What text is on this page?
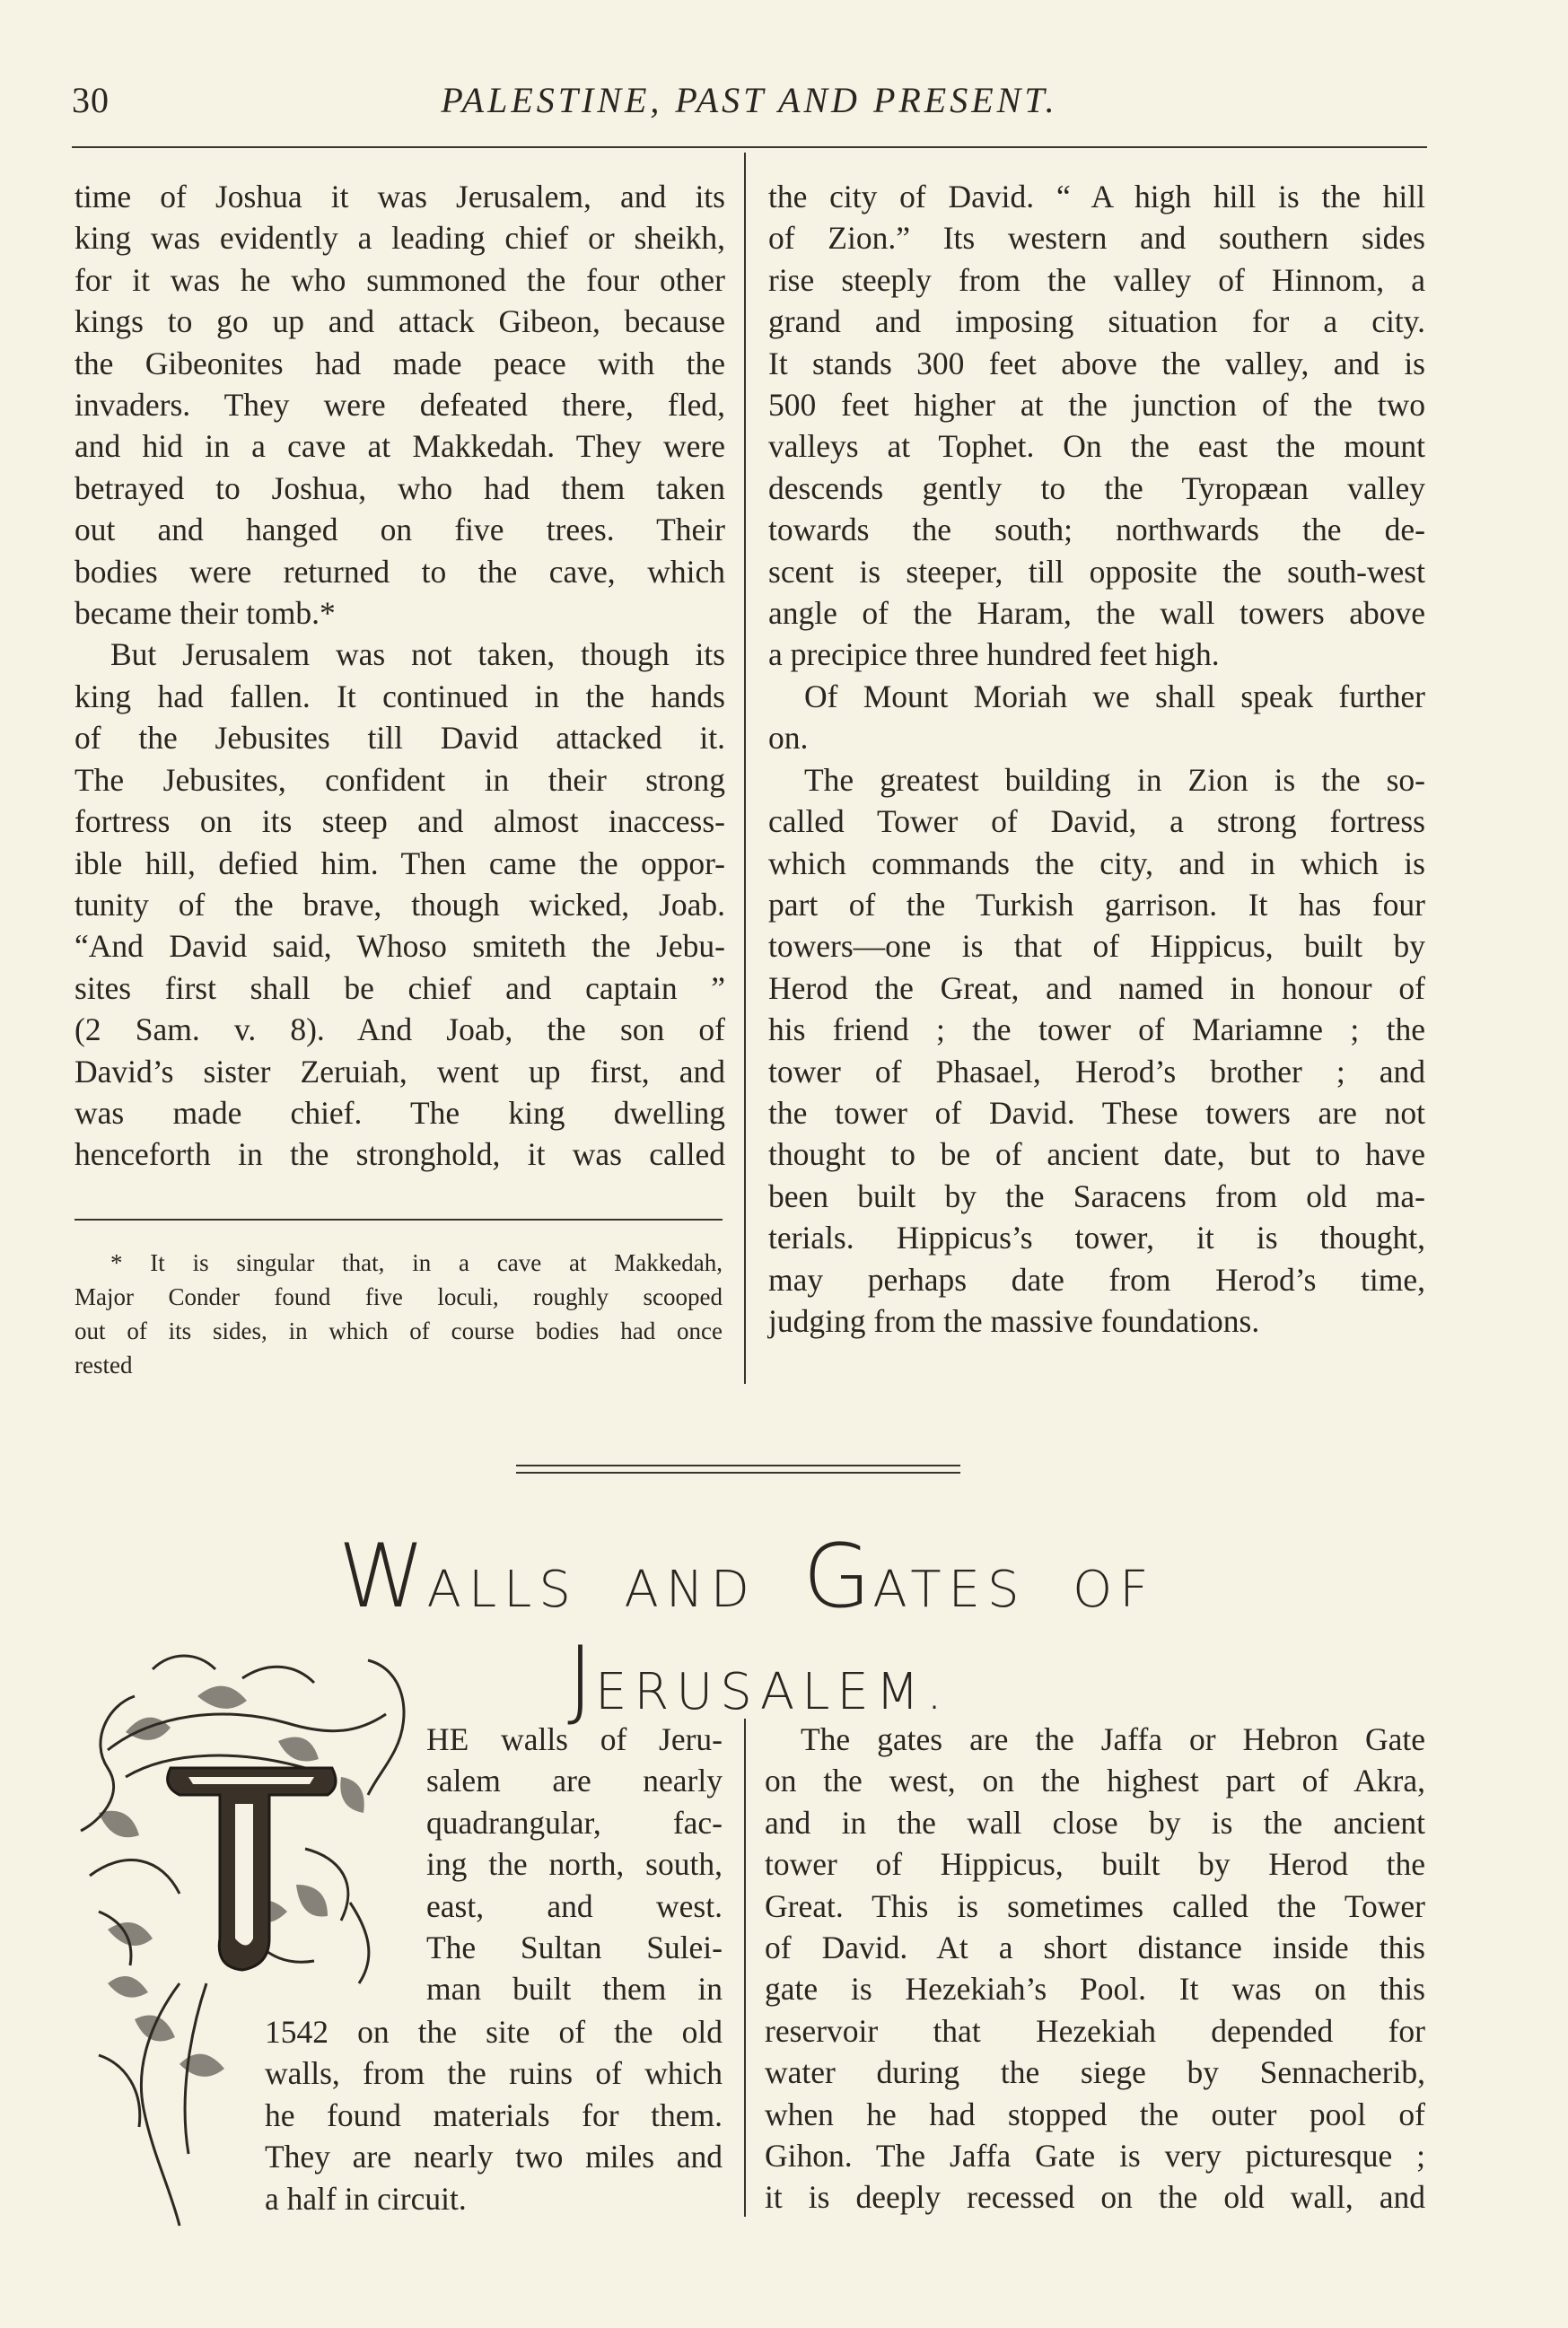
30	PALESTINE, PAST AND PRESENT.

time of Joshua it was Jerusalem, and its
king was evidently a leading chief or sheikh,
for it was he who summoned the four other
kings to go up and attack Gibeon, because
the Gibeonites had made peace with the
invaders. They were defeated there, fled,
and hid in a cave at Makkedah. They were
betrayed to Joshua, who had them taken
out and hanged on five trees. Their
bodies were returned to the cave, which
became their tomb.*

But Jerusalem was not taken, though its
king had fallen. It continued in the hands
of the Jebusites till David attacked it.
The Jebusites, confident in their strong
fortress on its steep and almost inaccess-
ible hill, defied him. Then came the oppor-
tunity of the brave, though wicked, Joab.
“And David said, Whoso smiteth the Jebu-
sites first shall be chief and captain ”
(2 Sam. v. 8). And Joab, the son of
David’s sister Zeruiah, went up first, and
was made chief. The king dwelling
henceforth in the stronghold, it was called

* It is singular that, in a cave at Makkedah,
Major Conder found five loculi, roughly scooped
out of its sides, in which of course bodies had once
rested

the city of David. “ A high hill is the hill
of Zion.” Its western and southern sides
rise steeply from the valley of Hinnom, a
grand and imposing situation for a city.
It stands 300 feet above the valley, and is
500 feet higher at the junction of the two
valleys at Tophet. On the east the mount
descends gently to the Tyropæan valley
towards the south; northwards the de-
scent is steeper, till opposite the south-west
angle of the Haram, the wall towers above
a precipice three hundred feet high.

Of Mount Moriah we shall speak further
on.

The greatest building in Zion is the so-
called Tower of David, a strong fortress
which commands the city, and in which is
part of the Turkish garrison. It has four
towers—one is that of Hippicus, built by
Herod the Great, and named in honour of
his friend ; the tower of Mariamne ; the
tower of Phasael, Herod’s brother ; and
the tower of David. These towers are not
thought to be of ancient date, but to have
been built by the Saracens from old ma-
terials. Hippicus’s tower, it is thought,
may perhaps date from Herod’s time,
judging from the massive foundations.

WALLS AND GATES OF  JERUSALEM.
T
HE walls of Jeru-
salem are nearly
quadrangular, fac-
ing the north, south,
east, and west.
The Sultan Sulei-
man built them in
1542 on the site of the old
walls, from the ruins of which
he found materials for them.
They are nearly two miles and
a half in circuit.
The gates are the Jaffa or Hebron Gate
on the west, on the highest part of Akra,
and in the wall close by is the ancient
tower of Hippicus, built by Herod the
Great. This is sometimes called the Tower
of David. At a short distance inside this
gate is Hezekiah’s Pool. It was on this
reservoir that Hezekiah depended for
water during the siege by Sennacherib,
when he had stopped the outer pool of
Gihon. The Jaffa Gate is very picturesque ;
it is deeply recessed on the old wall, and
